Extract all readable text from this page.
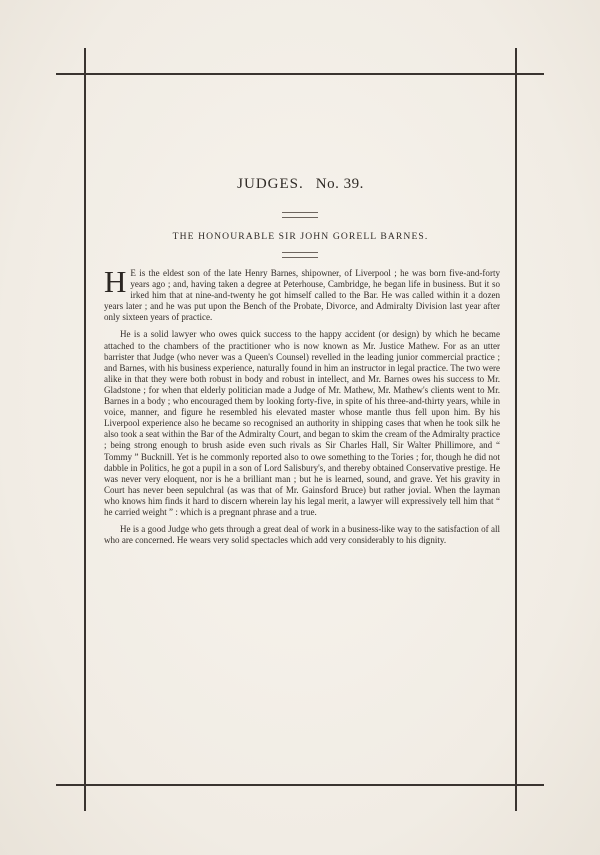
JUDGES. No. 39.
THE HONOURABLE SIR JOHN GORELL BARNES.

H E is the eldest son of the late Henry Barnes, shipowner, of Liverpool ; he was born five-and-forty years ago ; and, having taken a degree at Peterhouse, Cambridge, he began life in business. But it so irked him that at nine-and-twenty he got himself called to the Bar. He was called within it a dozen years later ; and he was put upon the Bench of the Probate, Divorce, and Admiralty Division last year after only sixteen years of practice.

He is a solid lawyer who owes quick success to the happy accident (or design) by which he became attached to the chambers of the practitioner who is now known as Mr. Justice Mathew. For as an utter barrister that Judge (who never was a Queen's Counsel) revelled in the leading junior commercial practice ; and Barnes, with his business experience, naturally found in him an instructor in legal practice. The two were alike in that they were both robust in body and robust in intellect, and Mr. Barnes owes his success to Mr. Gladstone ; for when that elderly politician made a Judge of Mr. Mathew, Mr. Mathew's clients went to Mr. Barnes in a body ; who encouraged them by looking forty-five, in spite of his three-and-thirty years, while in voice, manner, and figure he resembled his elevated master whose mantle thus fell upon him. By his Liverpool experience also he became so recognised an authority in shipping cases that when he took silk he also took a seat within the Bar of the Admiralty Court, and began to skim the cream of the Admiralty practice ; being strong enough to brush aside even such rivals as Sir Charles Hall, Sir Walter Phillimore, and “ Tommy ” Bucknill. Yet is he commonly reported also to owe something to the Tories ; for, though he did not dabble in Politics, he got a pupil in a son of Lord Salisbury's, and thereby obtained Conservative prestige. He was never very eloquent, nor is he a brilliant man ; but he is learned, sound, and grave. Yet his gravity in Court has never been sepulchral (as was that of Mr. Gainsford Bruce) but rather jovial. When the layman who knows him finds it hard to discern wherein lay his legal merit, a lawyer will expressively tell him that “ he carried weight ” : which is a pregnant phrase and a true.

He is a good Judge who gets through a great deal of work in a business-like way to the satisfaction of all who are concerned. He wears very solid spectacles which add very considerably to his dignity.
